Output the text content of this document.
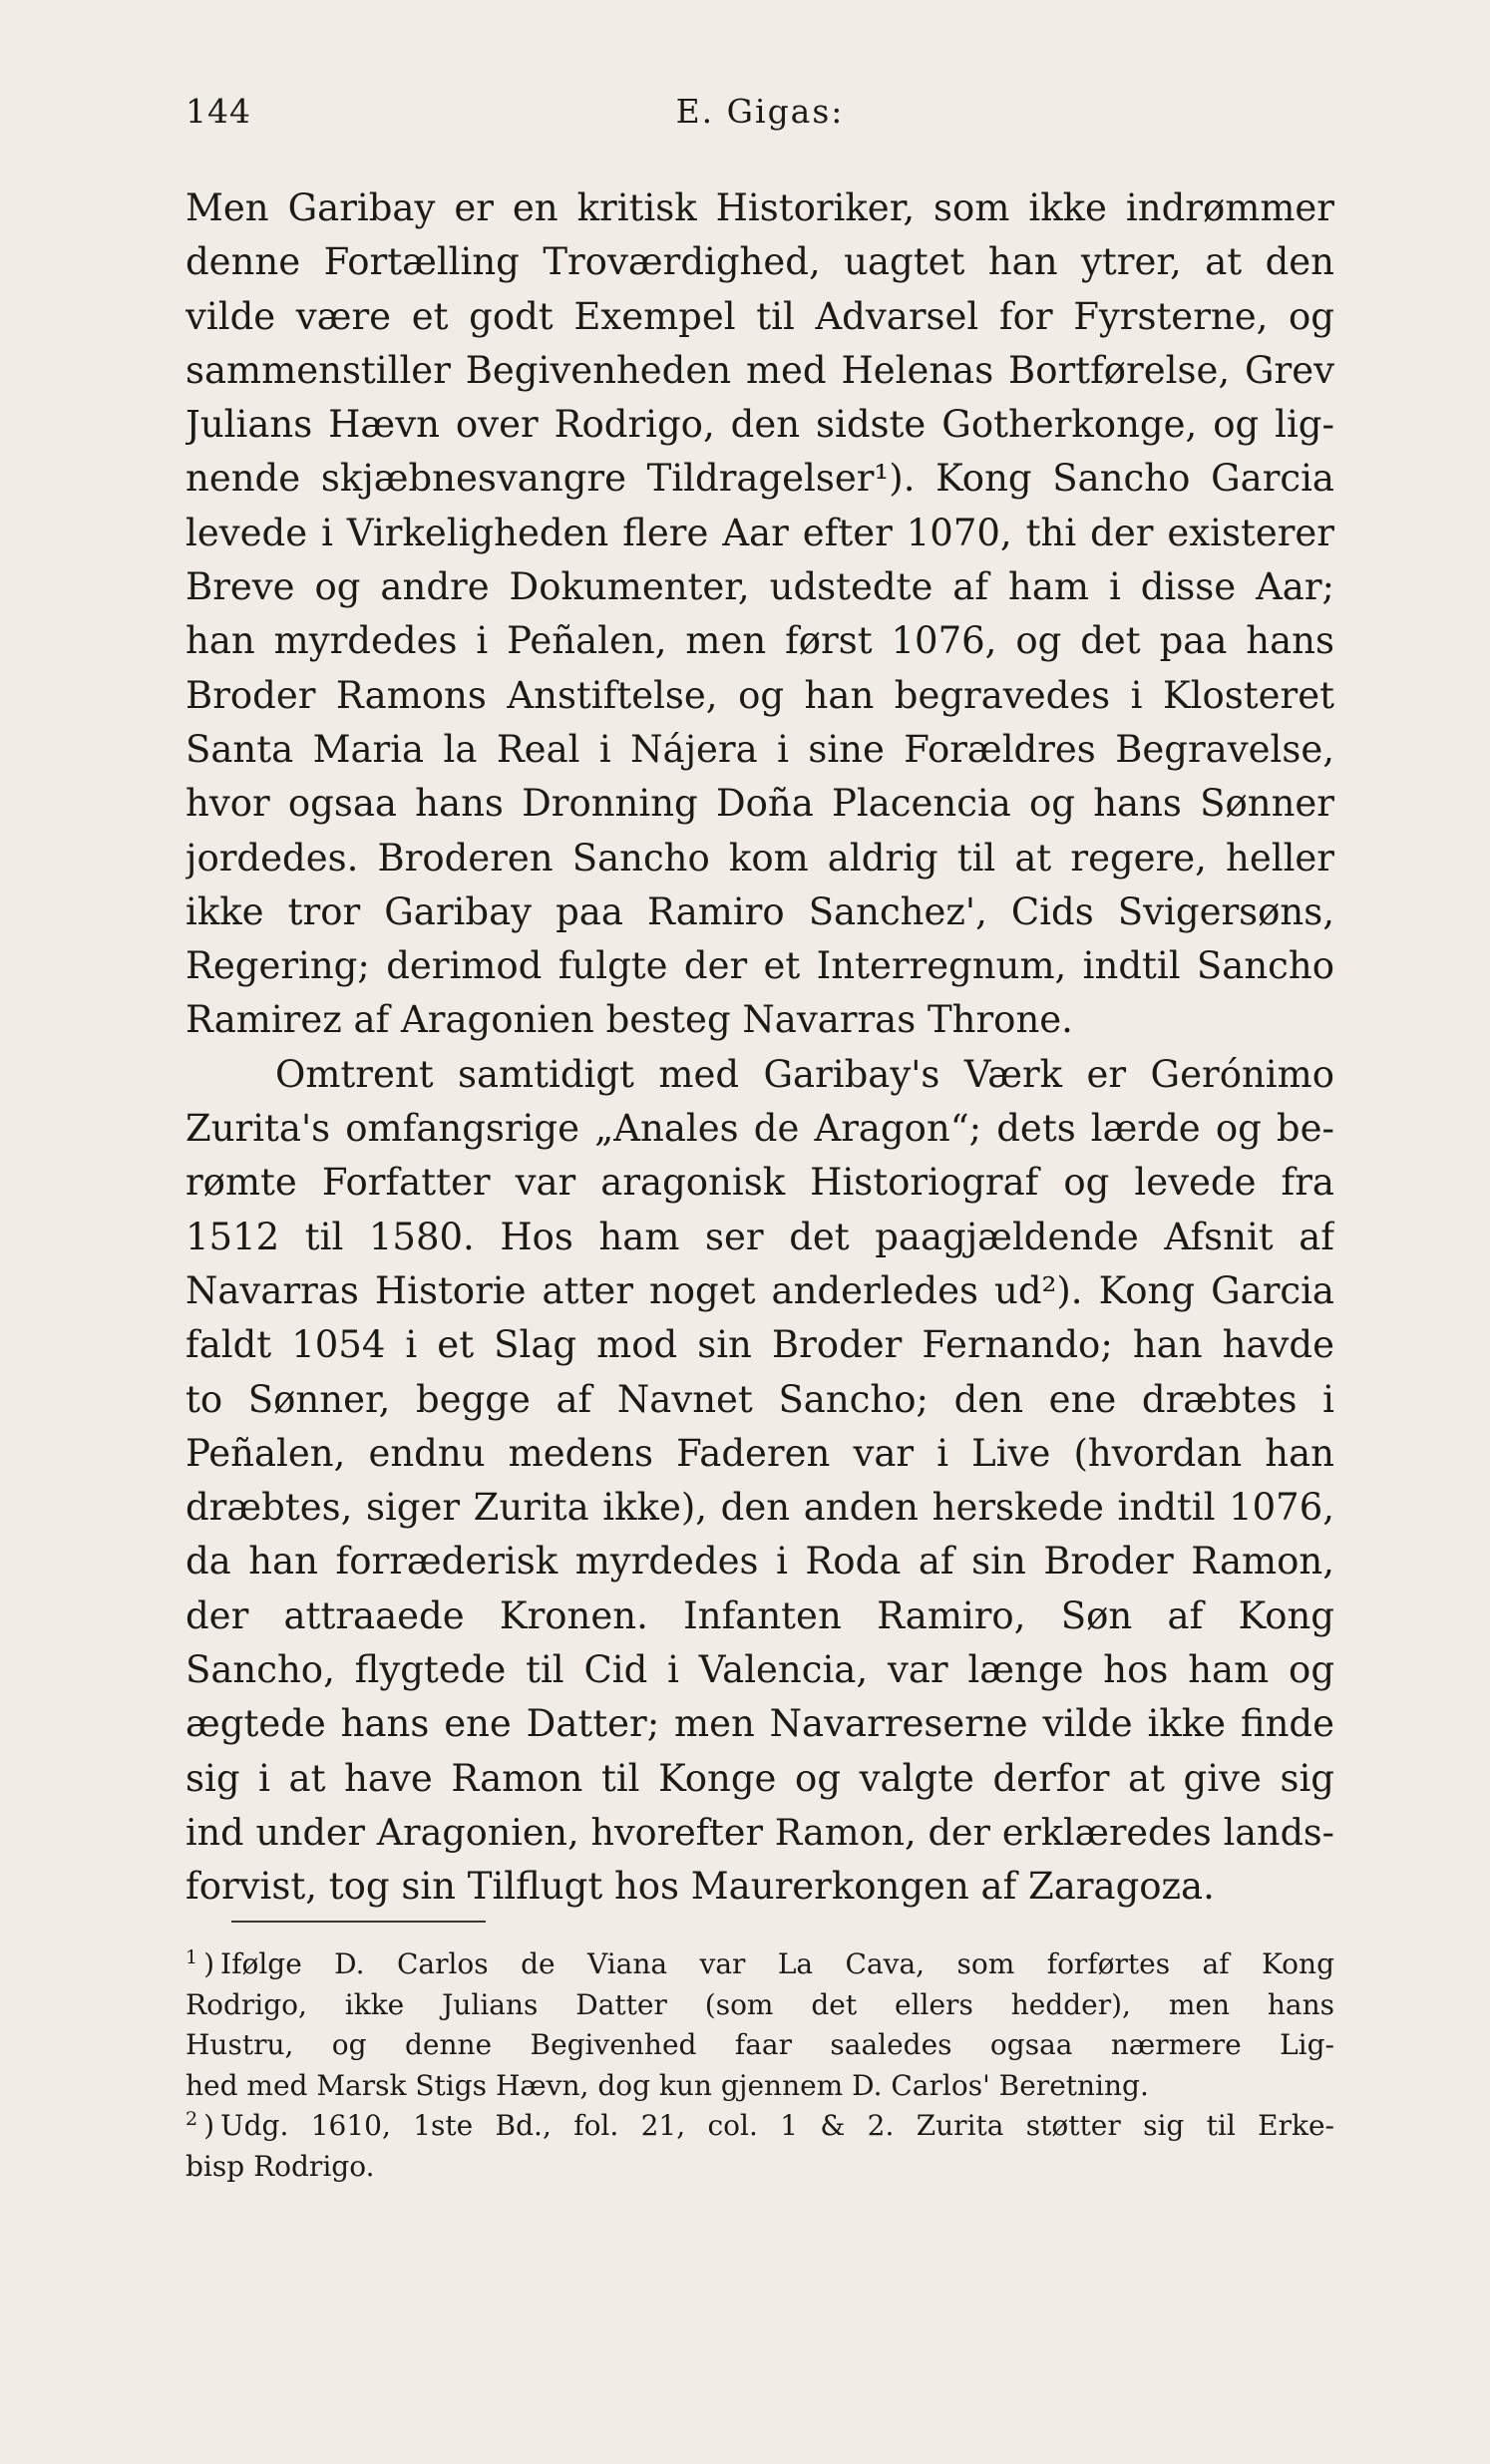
144	E. Gigas:
Men Garibay er en kritisk Historiker, som ikke indrømmer
denne Fortælling Troværdighed, uagtet han ytrer, at den
vilde være et godt Exempel til Advarsel for Fyrsterne, og
sammenstiller Begivenheden med Helenas Bortførelse, Grev
Julians Hævn over Rodrigo, den sidste Gotherkonge, og lig-
nende skjæbnesvangre Tildragelser¹). Kong Sancho Garcia
levede i Virkeligheden flere Aar efter 1070, thi der existerer
Breve og andre Dokumenter, udstedte af ham i disse Aar;
han myrdedes i Peñalen, men først 1076, og det paa hans
Broder Ramons Anstiftelse, og han begravedes i Klosteret
Santa Maria la Real i Nájera i sine Forældres Begravelse,
hvor ogsaa hans Dronning Doña Placencia og hans Sønner
jordedes. Broderen Sancho kom aldrig til at regere, heller
ikke tror Garibay paa Ramiro Sanchez', Cids Svigersøns,
Regering; derimod fulgte der et Interregnum, indtil Sancho
Ramirez af Aragonien besteg Navarras Throne.
Omtrent samtidigt med Garibay's Værk er Gerónimo
Zurita's omfangsrige „Anales de Aragon“; dets lærde og be-
rømte Forfatter var aragonisk Historiograf og levede fra
1512 til 1580. Hos ham ser det paagjældende Afsnit af
Navarras Historie atter noget anderledes ud²). Kong Garcia
faldt 1054 i et Slag mod sin Broder Fernando; han havde
to Sønner, begge af Navnet Sancho; den ene dræbtes i
Peñalen, endnu medens Faderen var i Live (hvordan han
dræbtes, siger Zurita ikke), den anden herskede indtil 1076,
da han forræderisk myrdedes i Roda af sin Broder Ramon,
der attraaede Kronen. Infanten Ramiro, Søn af Kong
Sancho, flygtede til Cid i Valencia, var længe hos ham og
ægtede hans ene Datter; men Navarreserne vilde ikke finde
sig i at have Ramon til Konge og valgte derfor at give sig
ind under Aragonien, hvorefter Ramon, der erklæredes lands-
forvist, tog sin Tilflugt hos Maurerkongen af Zaragoza.
$^1$ ) Ifølge D. Carlos de Viana var La Cava, som forførtes af Kong
Rodrigo, ikke Julians Datter (som det ellers hedder), men hans
Hustru, og denne Begivenhed faar saaledes ogsaa nærmere Lig-
hed med Marsk Stigs Hævn, dog kun gjennem D. Carlos' Beretning.
$^2$ ) Udg. 1610, 1ste Bd., fol. 21, col. 1 & 2. Zurita støtter sig til Erke-
bisp Rodrigo.
